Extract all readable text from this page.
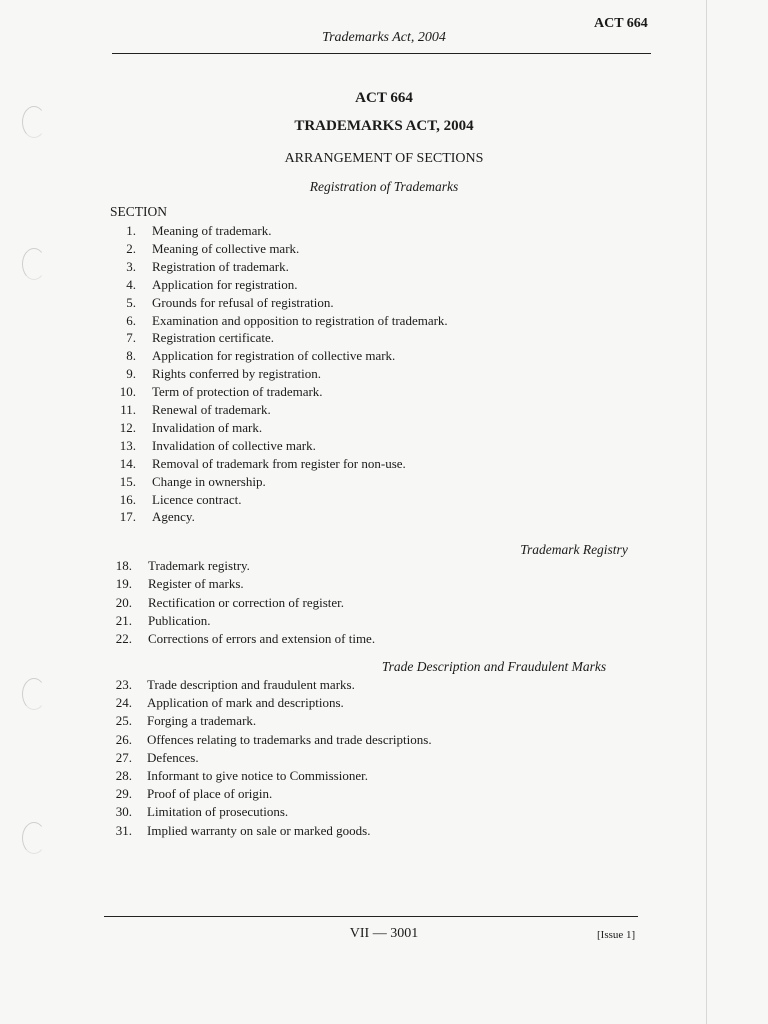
ACT 664
Trademarks Act, 2004
ACT 664
TRADEMARKS ACT, 2004
ARRANGEMENT OF SECTIONS
SECTION
Registration of Trademarks
1. Meaning of trademark.
2. Meaning of collective mark.
3. Registration of trademark.
4. Application for registration.
5. Grounds for refusal of registration.
6. Examination and opposition to registration of trademark.
7. Registration certificate.
8. Application for registration of collective mark.
9. Rights conferred by registration.
10. Term of protection of trademark.
11. Renewal of trademark.
12. Invalidation of mark.
13. Invalidation of collective mark.
14. Removal of trademark from register for non-use.
15. Change in ownership.
16. Licence contract.
17. Agency.
Trademark Registry
18. Trademark registry.
19. Register of marks.
20. Rectification or correction of register.
21. Publication.
22. Corrections of errors and extension of time.
Trade Description and Fraudulent Marks
23. Trade description and fraudulent marks.
24. Application of mark and descriptions.
25. Forging a trademark.
26. Offences relating to trademarks and trade descriptions.
27. Defences.
28. Informant to give notice to Commissioner.
29. Proof of place of origin.
30. Limitation of prosecutions.
31. Implied warranty on sale or marked goods.
VII — 3001	[Issue 1]
